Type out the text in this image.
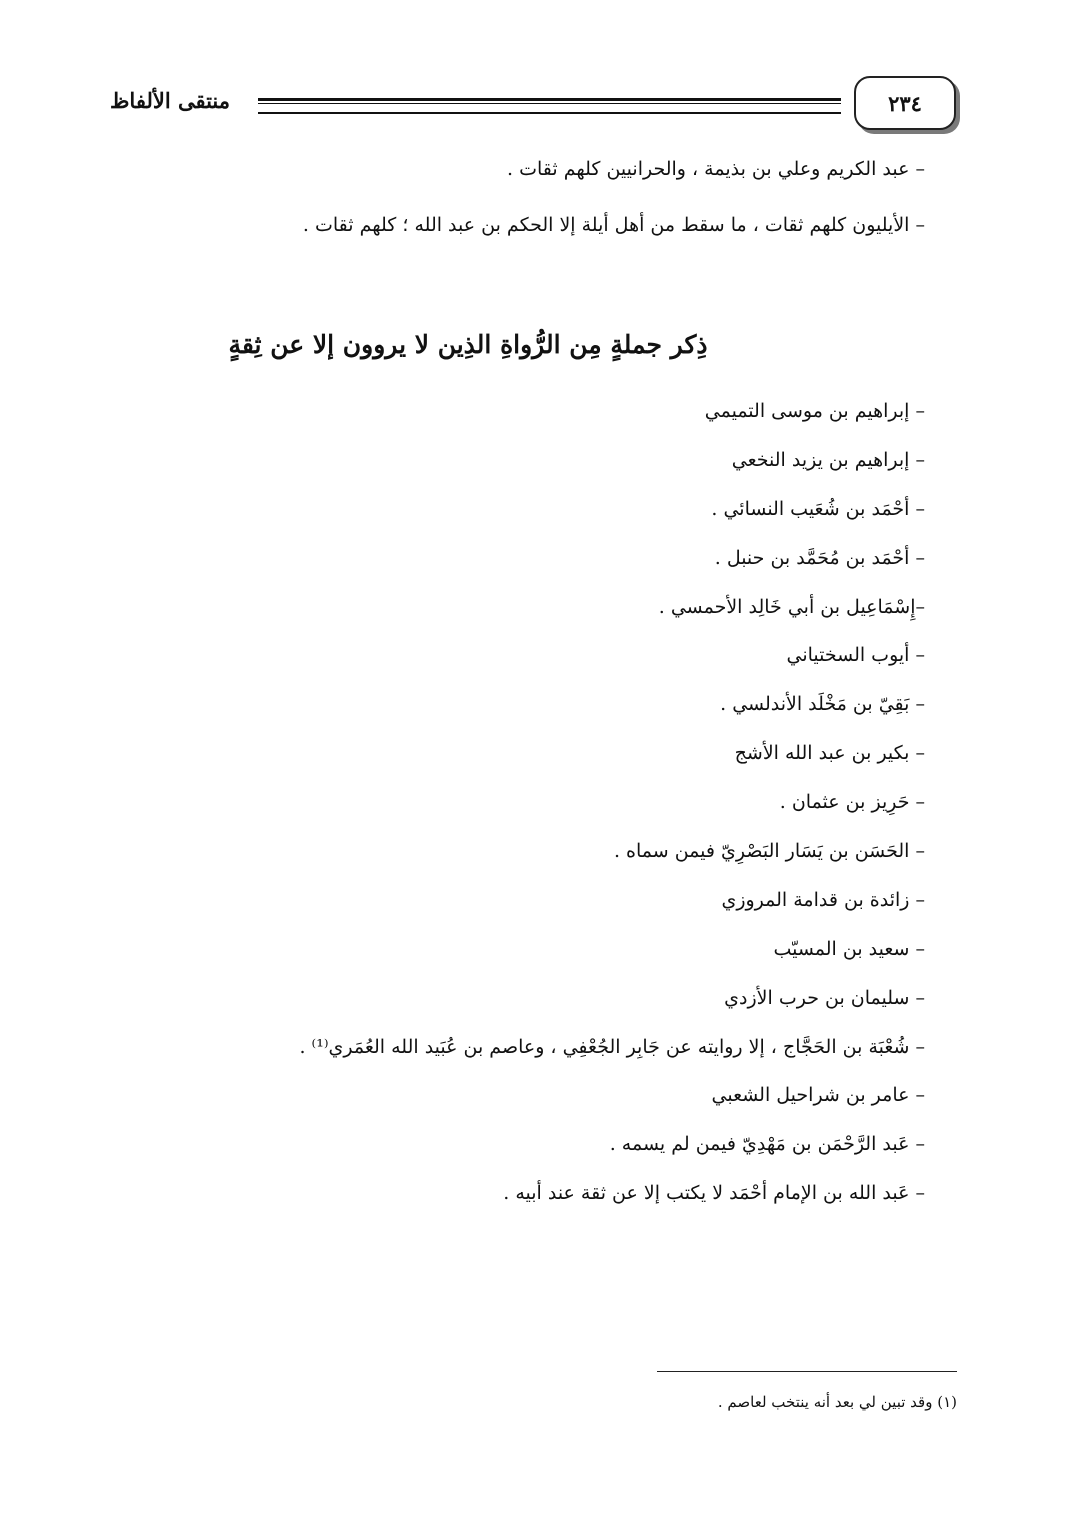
٢٣٤
منتقى الألفاظ
– عبد الكريم وعلي بن بذيمة ، والحرانيين كلهم ثقات .
– الأيليون كلهم ثقات ، ما سقط من أهل أيلة إلا الحكم بن عبد الله ؛ كلهم ثقات .
ذِكر جملةٍ مِن الرُّواةِ الذِين لا يروون إلا عن ثِقةٍ
– إبراهيم بن موسى التميمي
– إبراهيم بن يزيد النخعي
– أحْمَد بن شُعَيب النسائي .
– أحْمَد بن مُحَمَّد بن حنبل .
–إِسْمَاعِيل بن أبي خَالِد الأحمسي .
– أيوب السختياني
– بَقِيّ بن مَخْلَد الأندلسي .
– بكير بن عبد الله الأشج
– حَرِيز بن عثمان .
– الحَسَن بن يَسَار البَصْرِيّ فيمن سماه .
– زائدة بن قدامة المروزي
– سعيد بن المسيّب
– سليمان بن حرب الأزدي
– شُعْبَة بن الحَجَّاج ، إلا روايته عن جَابِر الجُعْفِي ، وعاصم بن عُبَيد الله العُمَري⁽¹⁾ .
– عامر بن شراحيل الشعبي
– عَبد الرَّحْمَن بن مَهْدِيّ فيمن لم يسمه .
– عَبد الله بن الإمام أحْمَد لا يكتب إلا عن ثقة عند أبيه .
(١) وقد تبين لي بعد أنه ينتخب لعاصم .
